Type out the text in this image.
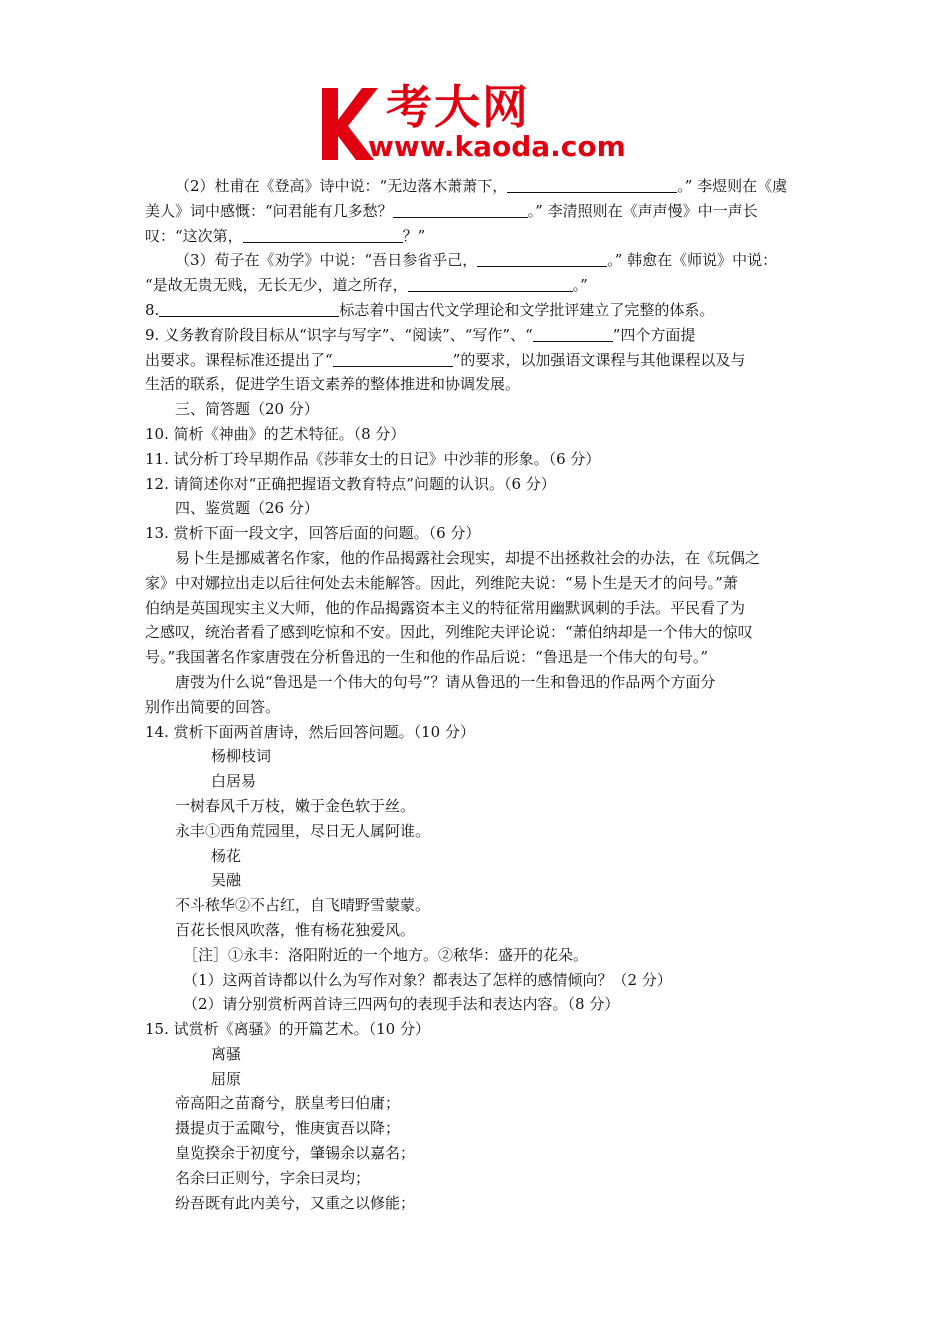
考大网
www.kaoda.com
（2）杜甫在《登高》诗中说：“无边落木萧萧下，	。” 李煜则在《虞
美人》词中感慨：“问君能有几多愁？	。” 李清照则在《声声慢》中一声长
叹：“这次第，	？”
（3）荀子在《劝学》中说：“吾日参省乎己，	。” 韩愈在《师说》中说：
“是故无贵无贱，无长无少，道之所存，	。”
8.	标志着中国古代文学理论和文学批评建立了完整的体系。
9. 义务教育阶段目标从“识字与写字”、“阅读”、“写作”、“	”四个方面提
出要求。课程标准还提出了“	”的要求，以加强语文课程与其他课程以及与
生活的联系，促进学生语文素养的整体推进和协调发展。
三、简答题（20 分）
10. 简析《神曲》的艺术特征。（8 分）
11. 试分析丁玲早期作品《莎菲女士的日记》中沙菲的形象。（6 分）
12. 请简述你对“正确把握语文教育特点”问题的认识。（6 分）
四、鉴赏题（26 分）
13. 赏析下面一段文字，回答后面的问题。（6 分）
易卜生是挪威著名作家，他的作品揭露社会现实，却提不出拯救社会的办法，在《玩偶之
家》中对娜拉出走以后往何处去未能解答。因此，列维陀夫说：“易卜生是天才的问号。”萧
伯纳是英国现实主义大师，他的作品揭露资本主义的特征常用幽默讽刺的手法。平民看了为
之感叹，统治者看了感到吃惊和不安。因此，列维陀夫评论说：“萧伯纳却是一个伟大的惊叹
号。”我国著名作家唐弢在分析鲁迅的一生和他的作品后说：“鲁迅是一个伟大的句号。”
唐弢为什么说“鲁迅是一个伟大的句号”？请从鲁迅的一生和鲁迅的作品两个方面分
别作出简要的回答。
14. 赏析下面两首唐诗，然后回答问题。（10 分）
杨柳枝词
白居易
一树春风千万枝，嫩于金色软于丝。
永丰①西角荒园里，尽日无人属阿谁。
杨花
吴融
不斗秾华②不占红，自飞晴野雪蒙蒙。
百花长恨风吹落，惟有杨花独爱风。
［注］①永丰：洛阳附近的一个地方。②秾华：盛开的花朵。
（1）这两首诗都以什么为写作对象？都表达了怎样的感情倾向？（2 分）
（2）请分别赏析两首诗三四两句的表现手法和表达内容。（8 分）
15. 试赏析《离骚》的开篇艺术。（10 分）
离骚
屈原
帝高阳之苗裔兮，朕皇考曰伯庸；
摄提贞于孟陬兮，惟庚寅吾以降；
皇览揆余于初度兮，肇锡余以嘉名；
名余曰正则兮，字余曰灵均；
纷吾既有此内美兮，又重之以修能；
